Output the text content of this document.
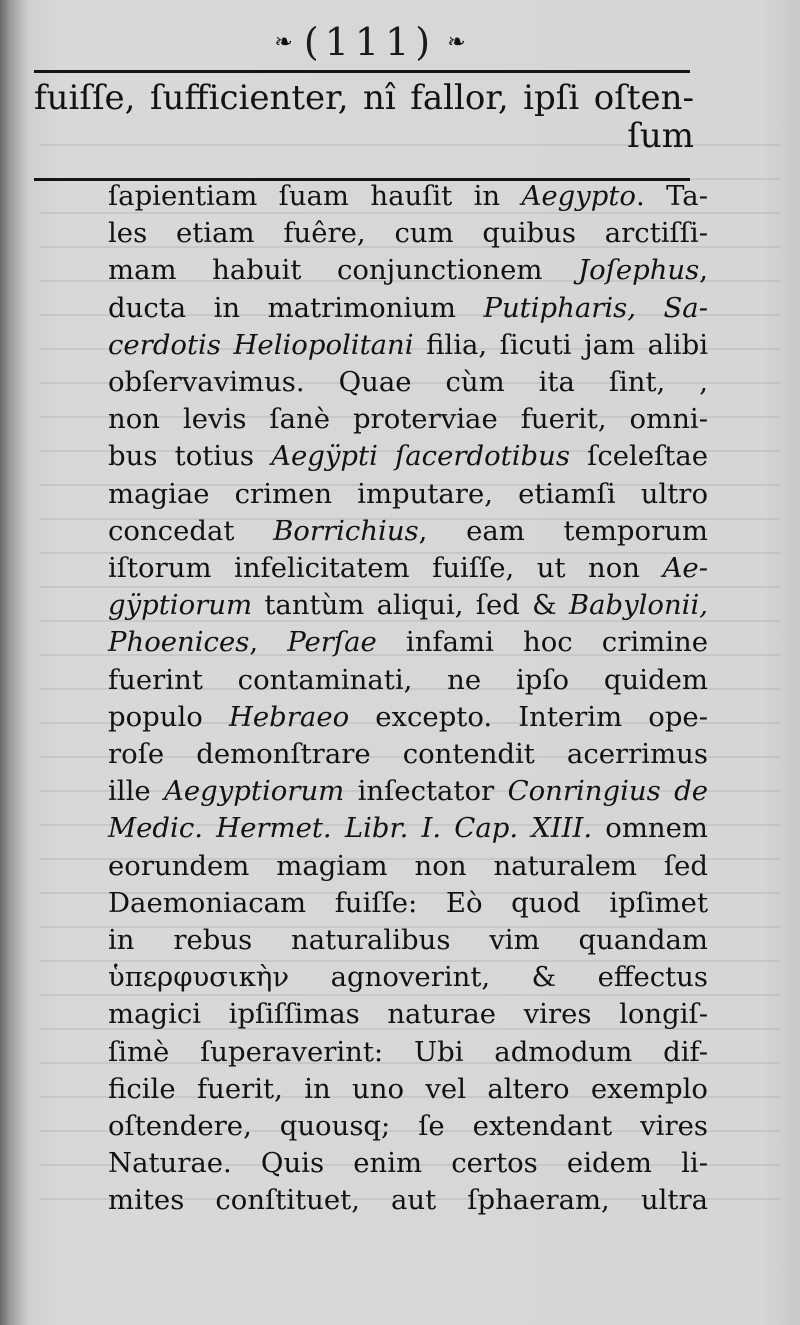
❧ (111) ❧
fuiſſe, ſufficienter, nî fallor, ipſi oſten-
ſum
ſapientiam ſuam hauſit in Aegypto. Ta-
les etiam fuêre, cum quibus arctiſſi-
mam habuit conjunctionem Joſephus,
ducta in matrimonium Putipharis, Sa-
cerdotis Heliopolitani filia, ſicuti jam alibi
obſervavimus. Quae cùm ita ſint, ,
non levis ſanè proterviae fuerit, omni-
bus totius Aegÿpti ſacerdotibus ſceleſtae
magiae crimen imputare, etiamſi ultro
concedat Borrichius, eam temporum
iſtorum infelicitatem fuiſſe, ut non Ae-
gÿptiorum tantùm aliqui, ſed & Babylonii,
Phoenices, Perſae infami hoc crimine
fuerint contaminati, ne ipſo quidem
populo Hebraeo excepto. Interim ope-
roſe demonſtrare contendit acerrimus
ille Aegyptiorum inſectator Conringius de
Medic. Hermet. Libr. I. Cap. XIII. omnem
eorundem magiam non naturalem ſed
Daemoniacam fuiſſe: Eò quod ipſimet
in rebus naturalibus vim quandam
ὑπερφυσικὴν agnoverint, & effectus
magici ipſiſſimas naturae vires longiſ-
ſimè ſuperaverint: Ubi admodum dif-
ficile fuerit, in uno vel altero exemplo
oſtendere, quousq; ſe extendant vires
Naturae. Quis enim certos eidem li-
mites conſtituet, aut ſphaeram, ultra
